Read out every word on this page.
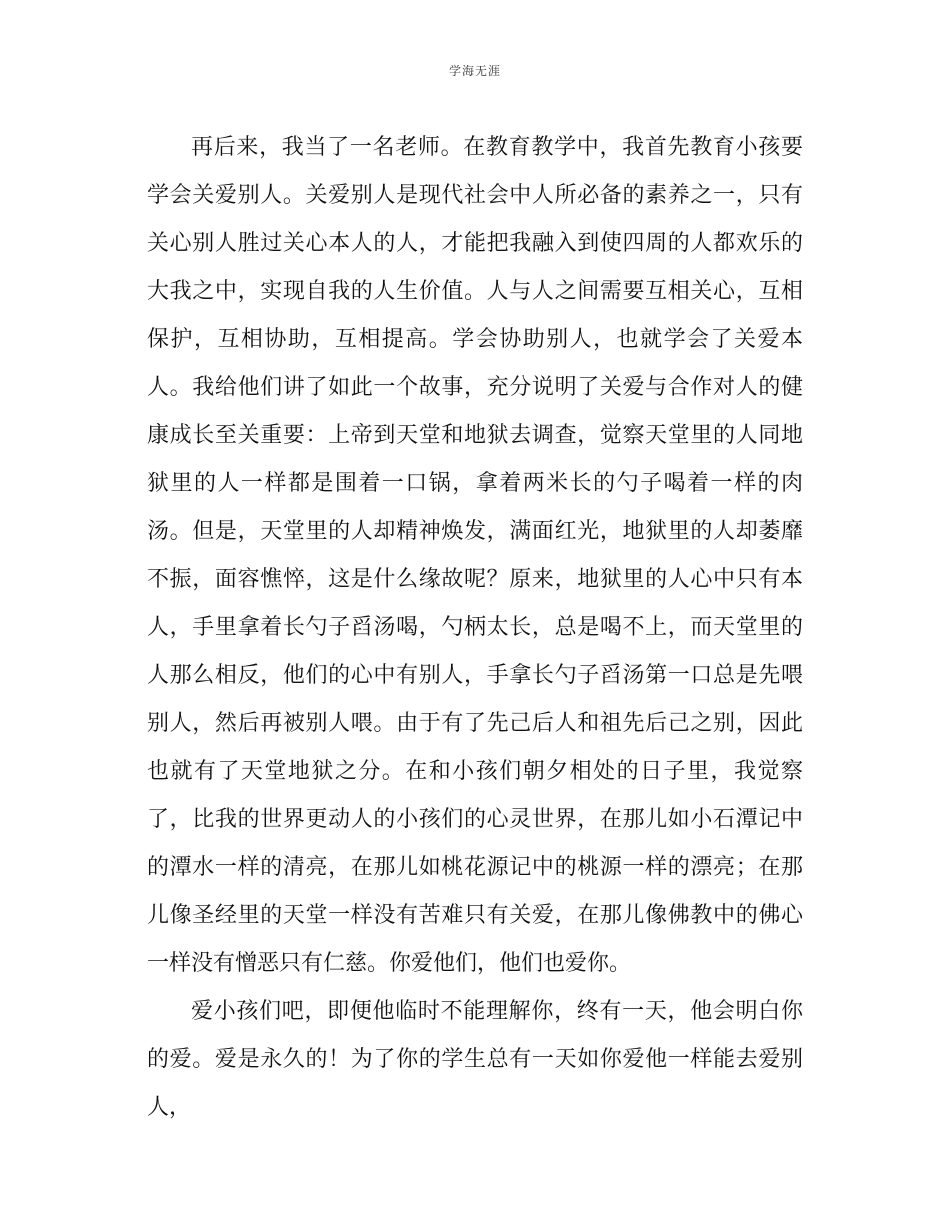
学海无涯

再后来，我当了一名老师。在教育教学中，我首先教育小孩要学会关爱别人。关爱别人是现代社会中人所必备的素养之一，只有关心别人胜过关心本人的人，才能把我融入到使四周的人都欢乐的大我之中，实现自我的人生价值。人与人之间需要互相关心，互相保护，互相协助，互相提高。学会协助别人，也就学会了关爱本人。我给他们讲了如此一个故事，充分说明了关爱与合作对人的健康成长至关重要：上帝到天堂和地狱去调查，觉察天堂里的人同地狱里的人一样都是围着一口锅，拿着两米长的勺子喝着一样的肉汤。但是，天堂里的人却精神焕发，满面红光，地狱里的人却萎靡不振，面容憔悴，这是什么缘故呢？原来，地狱里的人心中只有本人，手里拿着长勺子舀汤喝，勺柄太长，总是喝不上，而天堂里的人那么相反，他们的心中有别人，手拿长勺子舀汤第一口总是先喂别人，然后再被别人喂。由于有了先己后人和祖先后己之别，因此也就有了天堂地狱之分。在和小孩们朝夕相处的日子里，我觉察了，比我的世界更动人的小孩们的心灵世界，在那儿如小石潭记中的潭水一样的清亮，在那儿如桃花源记中的桃源一样的漂亮；在那儿像圣经里的天堂一样没有苦难只有关爱，在那儿像佛教中的佛心一样没有憎恶只有仁慈。你爱他们，他们也爱你。

爱小孩们吧，即便他临时不能理解你，终有一天，他会明白你的爱。爱是永久的！为了你的学生总有一天如你爱他一样能去爱别人，
